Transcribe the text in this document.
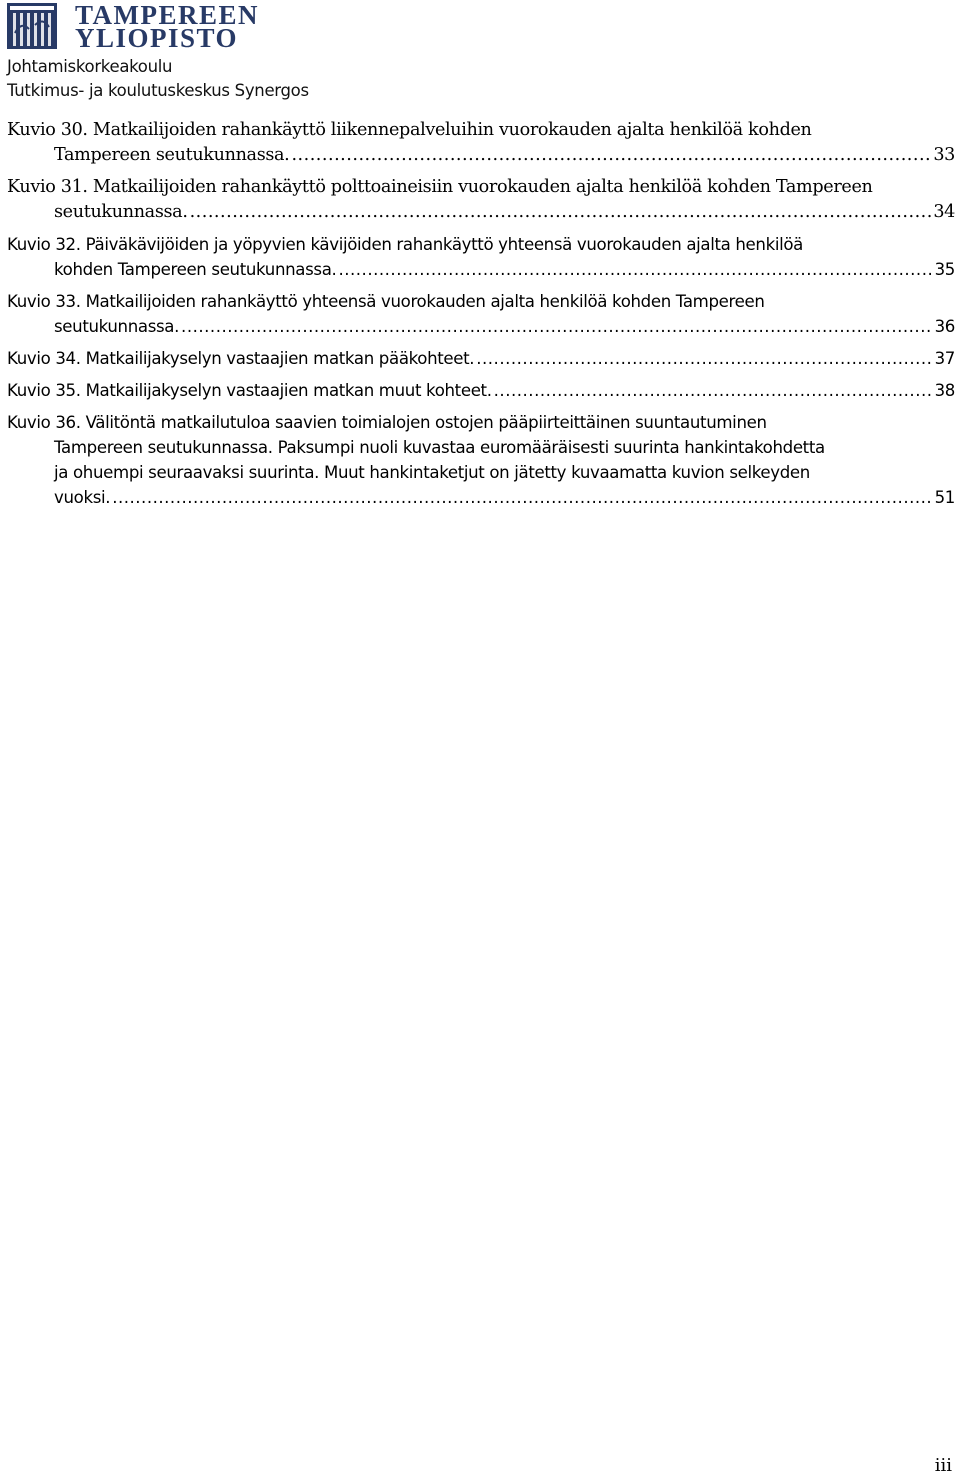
TAMPEREEN
YLIOPISTO
Johtamiskorkeakoulu
Tutkimus- ja koulutuskeskus Synergos
Kuvio 30. Matkailijoiden rahankäyttö liikennepalveluihin vuorokauden ajalta henkilöä kohden
Tampereen seutukunnassa. .....	33
Kuvio 31. Matkailijoiden rahankäyttö polttoaineisiin vuorokauden ajalta henkilöä kohden Tampereen
seutukunnassa. .....	34
Kuvio 32. Päiväkävijöiden ja yöpyvien kävijöiden rahankäyttö yhteensä vuorokauden ajalta henkilöä
kohden Tampereen seutukunnassa. .....	35
Kuvio 33. Matkailijoiden rahankäyttö yhteensä vuorokauden ajalta henkilöä kohden Tampereen
seutukunnassa. .....	36
Kuvio 34. Matkailijakyselyn vastaajien matkan pääkohteet. .....	37
Kuvio 35. Matkailijakyselyn vastaajien matkan muut kohteet. .....	38
Kuvio 36. Välitöntä matkailutuloa saavien toimialojen ostojen pääpiirteittäinen suuntautuminen
Tampereen seutukunnassa. Paksumpi nuoli kuvastaa euromääräisesti suurinta hankintakohdetta
ja ohuempi seuraavaksi suurinta. Muut hankintaketjut on jätetty kuvaamatta kuvion selkeyden
vuoksi. .....	51
iii
